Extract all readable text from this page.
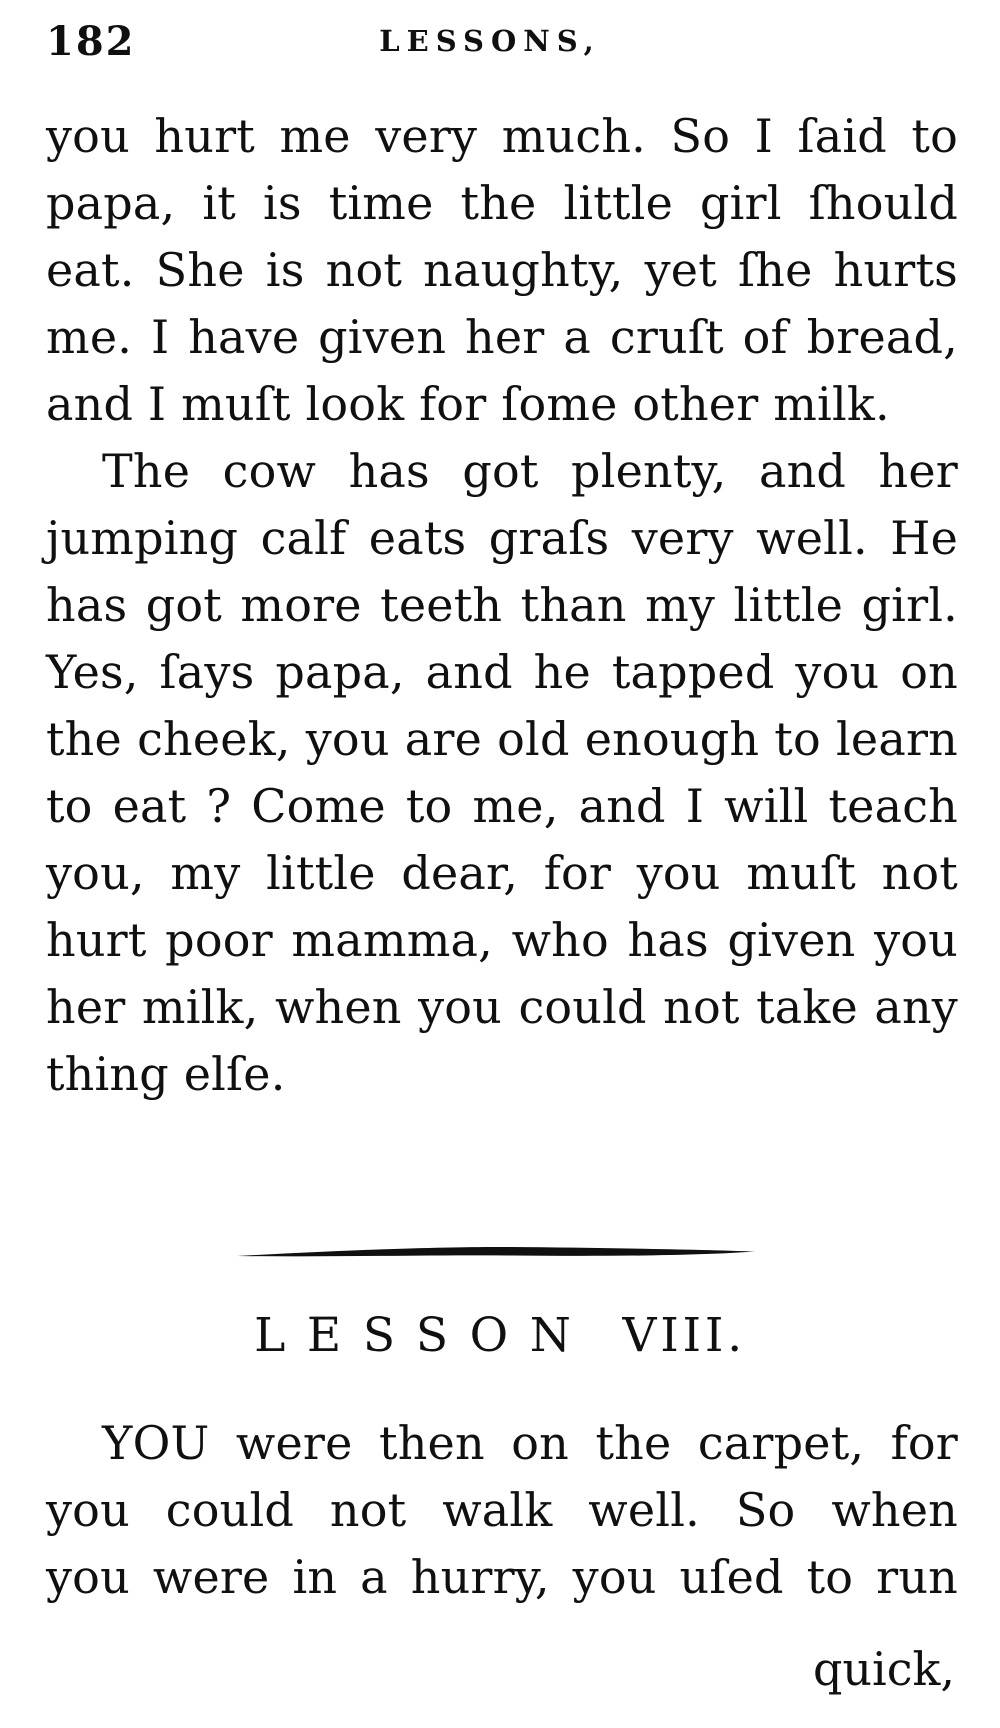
182	LESSONS,
you hurt me very much. So I ſaid to
papa, it is time the little girl ſhould
eat. She is not naughty, yet ſhe hurts
me. I have given her a cruſt of bread,
and I muſt look for ſome other milk.
The cow has got plenty, and her
jumping calf eats graſs very well. He
has got more teeth than my little girl.
Yes, ſays papa, and he tapped you on
the cheek, you are old enough to learn
to eat ? Come to me, and I will teach
you, my little dear, for you muſt not
hurt poor mamma, who has given you
her milk, when you could not take any
thing elſe.
LESSON VIII.
YOU were then on the carpet, for
you could not walk well. So when
you were in a hurry, you uſed to run
quick,
